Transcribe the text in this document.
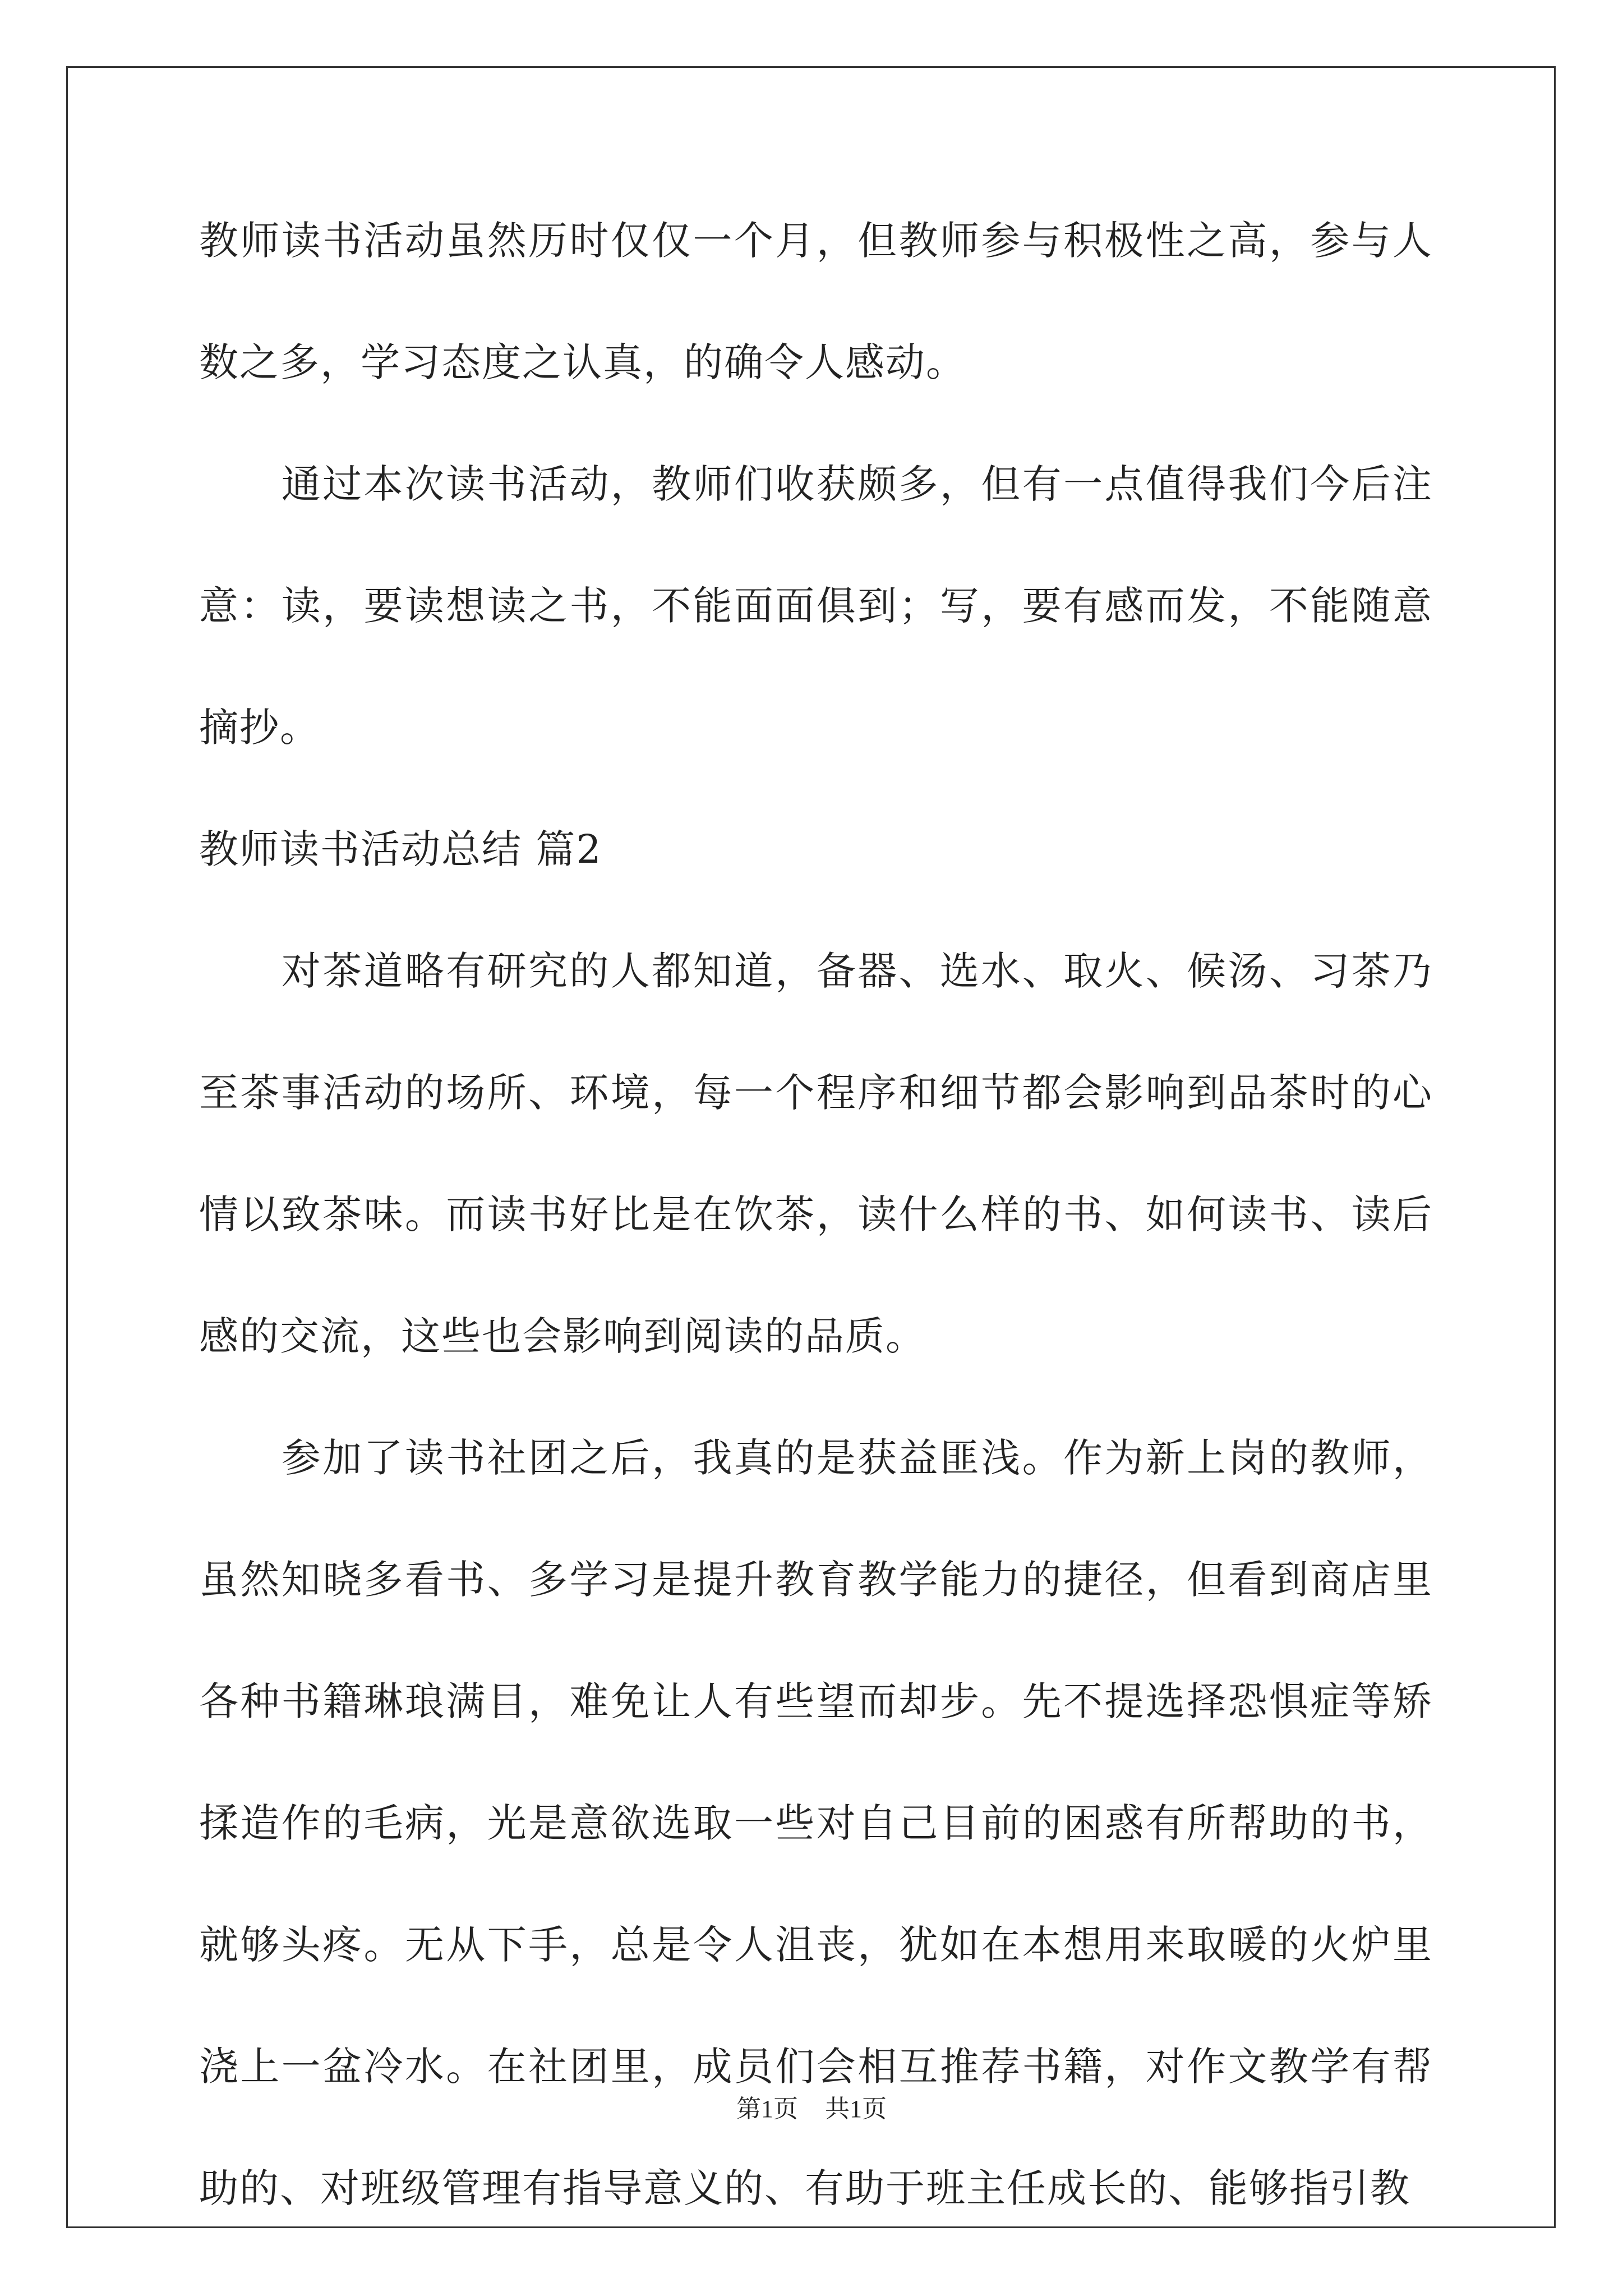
教师读书活动虽然历时仅仅一个月，但教师参与积极性之高，参与人
数之多，学习态度之认真，的确令人感动。
　　通过本次读书活动，教师们收获颇多，但有一点值得我们今后注
意：读，要读想读之书，不能面面俱到；写，要有感而发，不能随意
摘抄。
教师读书活动总结 篇2
　　对茶道略有研究的人都知道，备器、选水、取火、候汤、习茶乃
至茶事活动的场所、环境，每一个程序和细节都会影响到品茶时的心
情以致茶味。而读书好比是在饮茶，读什么样的书、如何读书、读后
感的交流，这些也会影响到阅读的品质。
　　参加了读书社团之后，我真的是获益匪浅。作为新上岗的教师，
虽然知晓多看书、多学习是提升教育教学能力的捷径，但看到商店里
各种书籍琳琅满目，难免让人有些望而却步。先不提选择恐惧症等矫
揉造作的毛病，光是意欲选取一些对自己目前的困惑有所帮助的书，
就够头疼。无从下手，总是令人沮丧，犹如在本想用来取暖的火炉里
浇上一盆冷水。在社团里，成员们会相互推荐书籍，对作文教学有帮
助的、对班级管理有指导意义的、有助于班主任成长的、能够指引教
第1页 共1页
